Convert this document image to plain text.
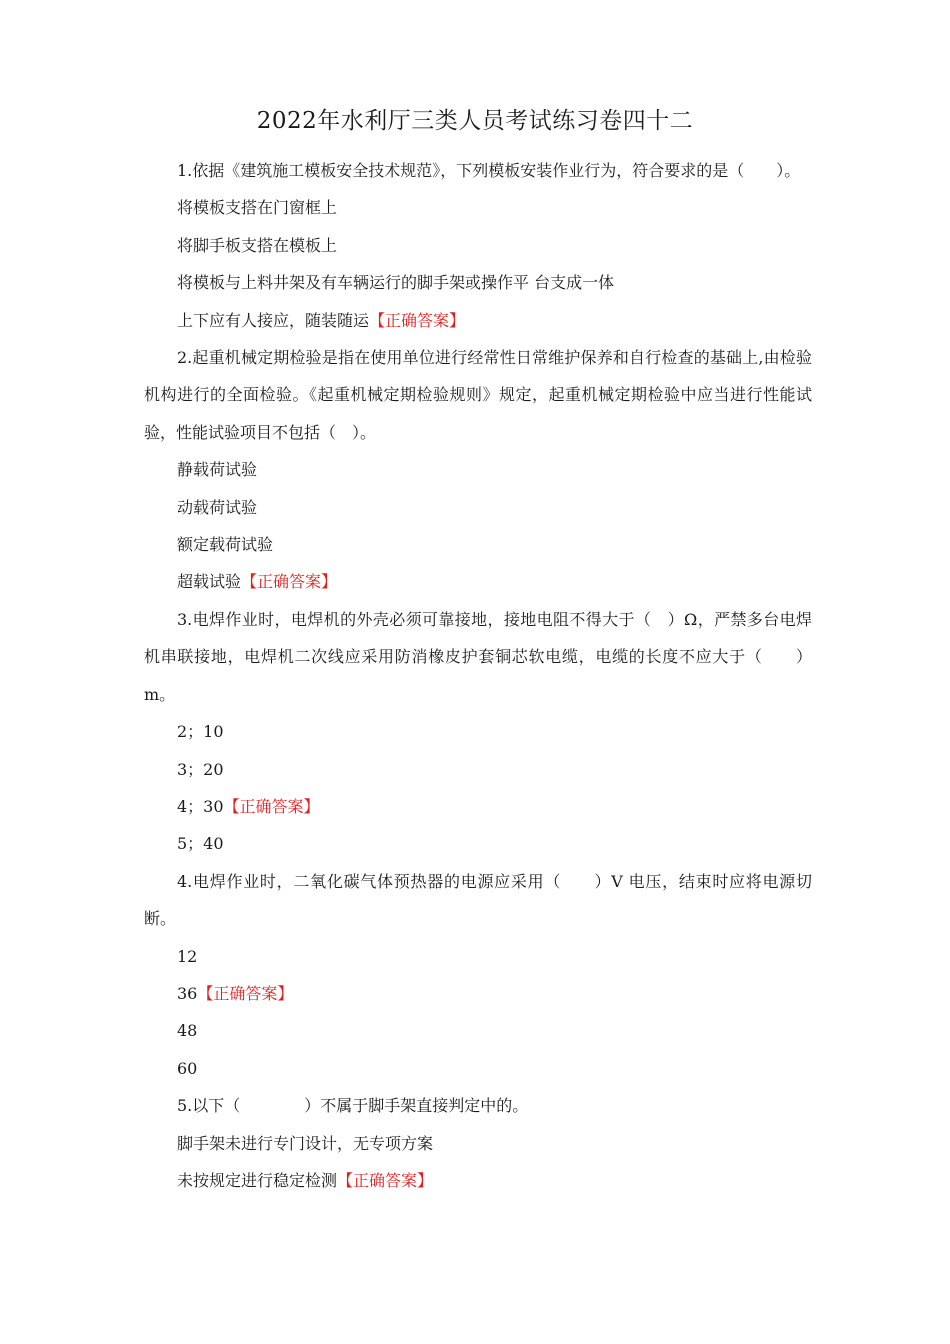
2022年水利厅三类人员考试练习卷四十二
1.依据《建筑施工模板安全技术规范》，下列模板安装作业行为，符合要求的是（　　）。
将模板支搭在门窗框上
将脚手板支搭在模板上
将模板与上料井架及有车辆运行的脚手架或操作平 台支成一体
上下应有人接应，随装随运【正确答案】
2.起重机械定期检验是指在使用单位进行经常性日常维护保养和自行检查的基础上,由检验机构进行的全面检验。《起重机械定期检验规则》规定，起重机械定期检验中应当进行性能试验，性能试验项目不包括（　）。
静载荷试验
动载荷试验
额定载荷试验
超载试验【正确答案】
3.电焊作业时，电焊机的外壳必须可靠接地，接地电阻不得大于（　）Ω，严禁多台电焊机串联接地，电焊机二次线应采用防消橡皮护套铜芯软电缆，电缆的长度不应大于（　　）m。
2；10
3；20
4；30【正确答案】
5；40
4.电焊作业时，二氧化碳气体预热器的电源应采用（　　）V 电压，结束时应将电源切断。
12
36【正确答案】
48
60
5.以下（　　　　）不属于脚手架直接判定中的。
脚手架未进行专门设计，无专项方案
未按规定进行稳定检测【正确答案】
